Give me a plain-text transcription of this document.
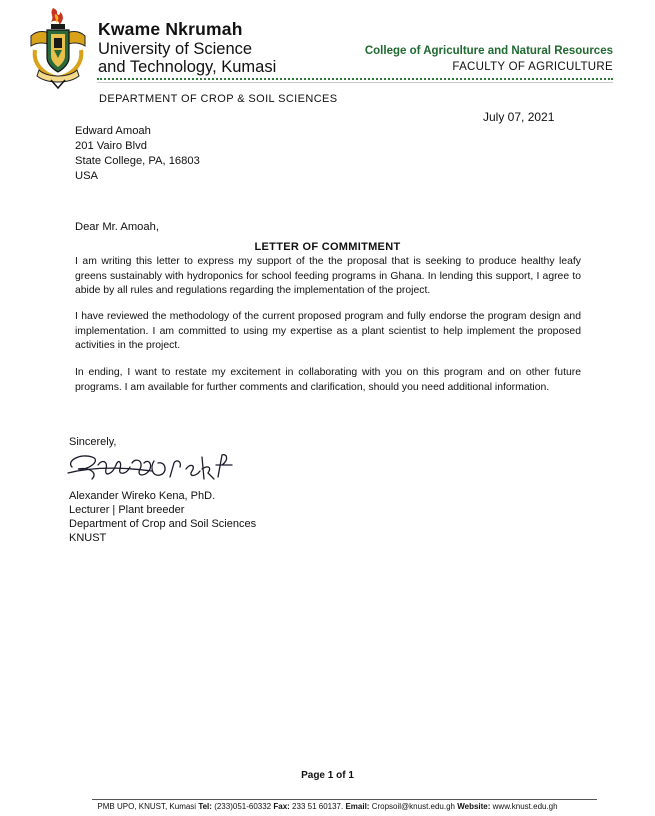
Kwame Nkrumah
University of Science
and Technology, Kumasi
College of Agriculture and Natural Resources
FACULTY OF AGRICULTURE
DEPARTMENT OF CROP & SOIL SCIENCES
July 07, 2021
Edward Amoah
201 Vairo Blvd
State College, PA, 16803
USA
Dear Mr. Amoah,
LETTER OF COMMITMENT
I am writing this letter to express my support of the the proposal that is seeking to produce healthy leafy greens sustainably with hydroponics for school feeding programs in Ghana. In lending this support, I agree to abide by all rules and regulations regarding the implementation of the project.
I have reviewed the methodology of the current proposed program and fully endorse the program design and implementation. I am committed to using my expertise as a plant scientist to help implement the proposed activities in the project.
In ending, I want to restate my excitement in collaborating with you on this program and on other future programs. I am available for further comments and clarification, should you need additional information.
Sincerely,
Alexander Wireko Kena, PhD.
Lecturer | Plant breeder
Department of Crop and Soil Sciences
KNUST
Page 1 of 1
PMB UPO, KNUST, Kumasi Tel: (233)051-60332 Fax: 233 51 60137. Email: Cropsoil@knust.edu.gh Website: www.knust.edu.gh
